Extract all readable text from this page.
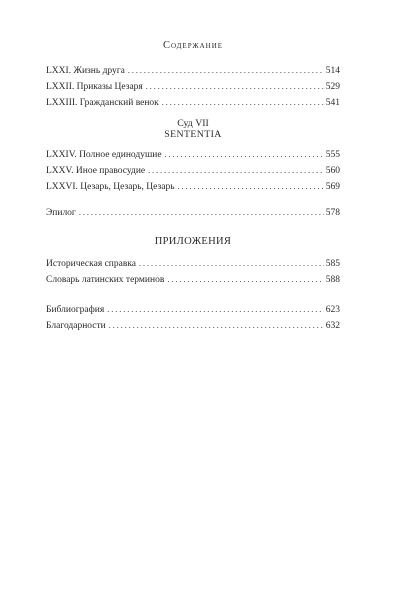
Содержание
LXXI. Жизнь друга . . .	514
LXXII. Приказы Цезаря . . .	529
LXXIII. Гражданский венок . . .	541
Суд VII
SENTENTIA
LXXIV. Полное единодушие . . .	555
LXXV. Иное правосудие . . .	560
LXXVI. Цезарь, Цезарь, Цезарь . . .	569
Эпилог . . .	578
ПРИЛОЖЕНИЯ
Историческая справка . . .	585
Словарь латинских терминов . . .	588
Библиография . . .	623
Благодарности . . .	632
